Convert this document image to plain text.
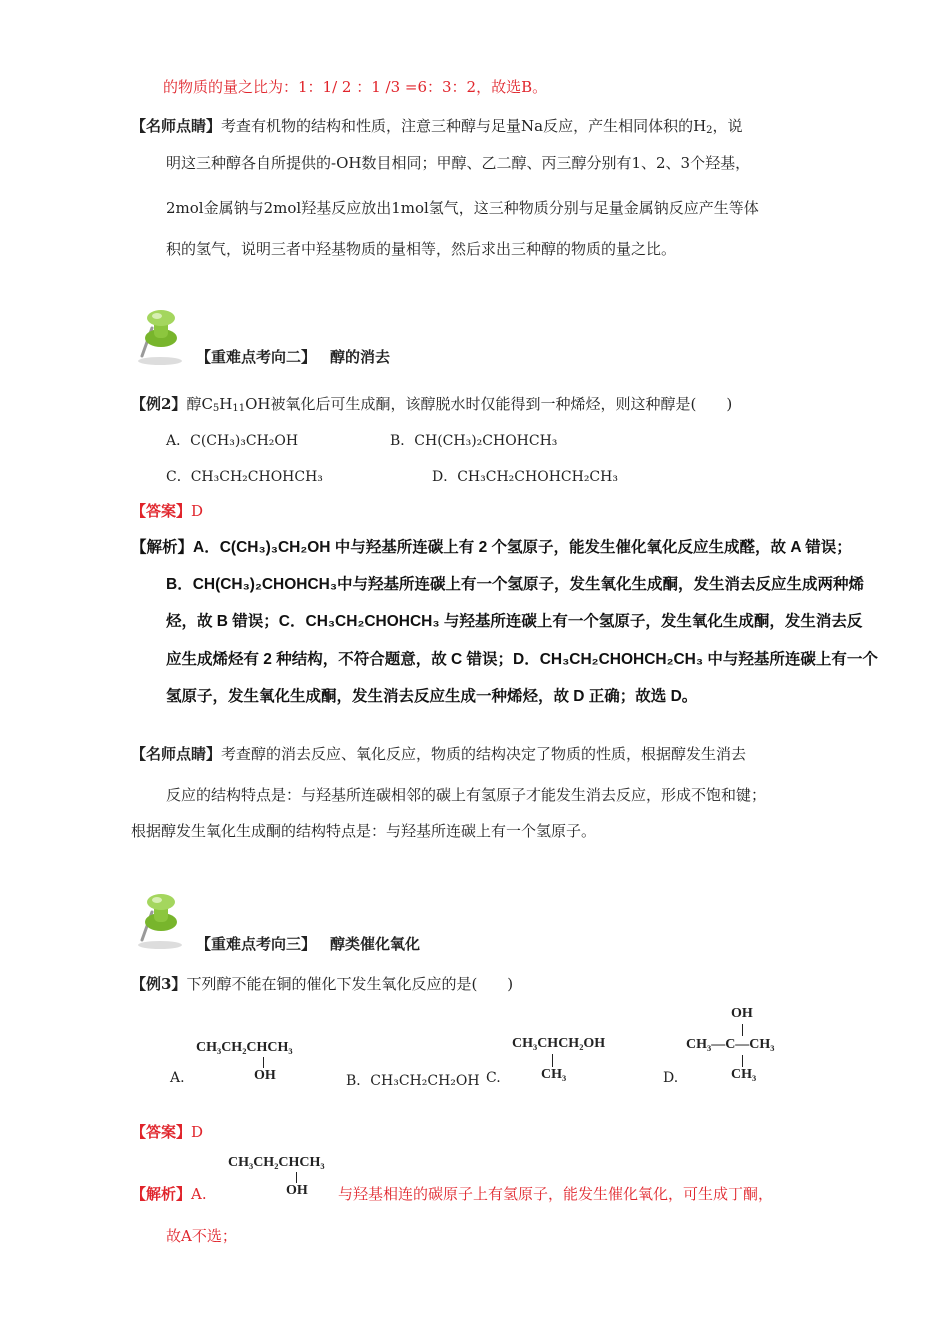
的物质的量之比为：1：1/ 2 ：1 /3 =6：3：2，故选B。
【名师点睛】考查有机物的结构和性质，注意三种醇与足量Na反应，产生相同体积的$H_2$，说
明这三种醇各自所提供的-OH数目相同；甲醇、乙二醇、丙三醇分别有1、2、3个羟基，
2mol金属钠与2mol羟基反应放出1mol氢气，这三种物质分别与足量金属钠反应产生等体
积的氢气，说明三者中羟基物质的量相等，然后求出三种醇的物质的量之比。
【重难点考向二】 醇的消去
【例2】醇$C_5H_{11}OH$被氧化后可生成酮，该醇脱水时仅能得到一种烯烃，则这种醇是(　　)
A．C(CH₃)₃CH₂OH	B．CH(CH₃)₂CHOHCH₃
C．CH₃CH₂CHOHCH₃	D．CH₃CH₂CHOHCH₂CH₃
【答案】D
【解析】A．C(CH₃)₃CH₂OH 中与羟基所连碳上有 2 个氢原子，能发生催化氧化反应生成醛，故 A 错误；
B．CH(CH₃)₂CHOHCH₃中与羟基所连碳上有一个氢原子，发生氧化生成酮，发生消去反应生成两种烯
烃，故 B 错误；C．CH₃CH₂CHOHCH₃ 与羟基所连碳上有一个氢原子，发生氧化生成酮，发生消去反
应生成烯烃有 2 种结构，不符合题意，故 C 错误；D．CH₃CH₂CHOHCH₂CH₃ 中与羟基所连碳上有一个
氢原子，发生氧化生成酮，发生消去反应生成一种烯烃，故 D 正确；故选 D。
【名师点睛】考查醇的消去反应、氧化反应，物质的结构决定了物质的性质，根据醇发生消去
反应的结构特点是：与羟基所连碳相邻的碳上有氢原子才能发生消去反应，形成不饱和键；
根据醇发生氧化生成酮的结构特点是：与羟基所连碳上有一个氢原子。
【重难点考向三】 醇类催化氧化
【例3】下列醇不能在铜的催化下发生氧化反应的是(　　)
A.
CH₃CH₂CHCH₃
OH	B．CH₃CH₂CH₂OH C.
CH₃CHCH₂OH
CH₃	D.
OH
CH₃—C—CH₃
CH₃
【答案】D
CH₃CH₂CHCH₃
OH
【解析】A.	与羟基相连的碳原子上有氢原子，能发生催化氧化，可生成丁酮，
故A不选；
